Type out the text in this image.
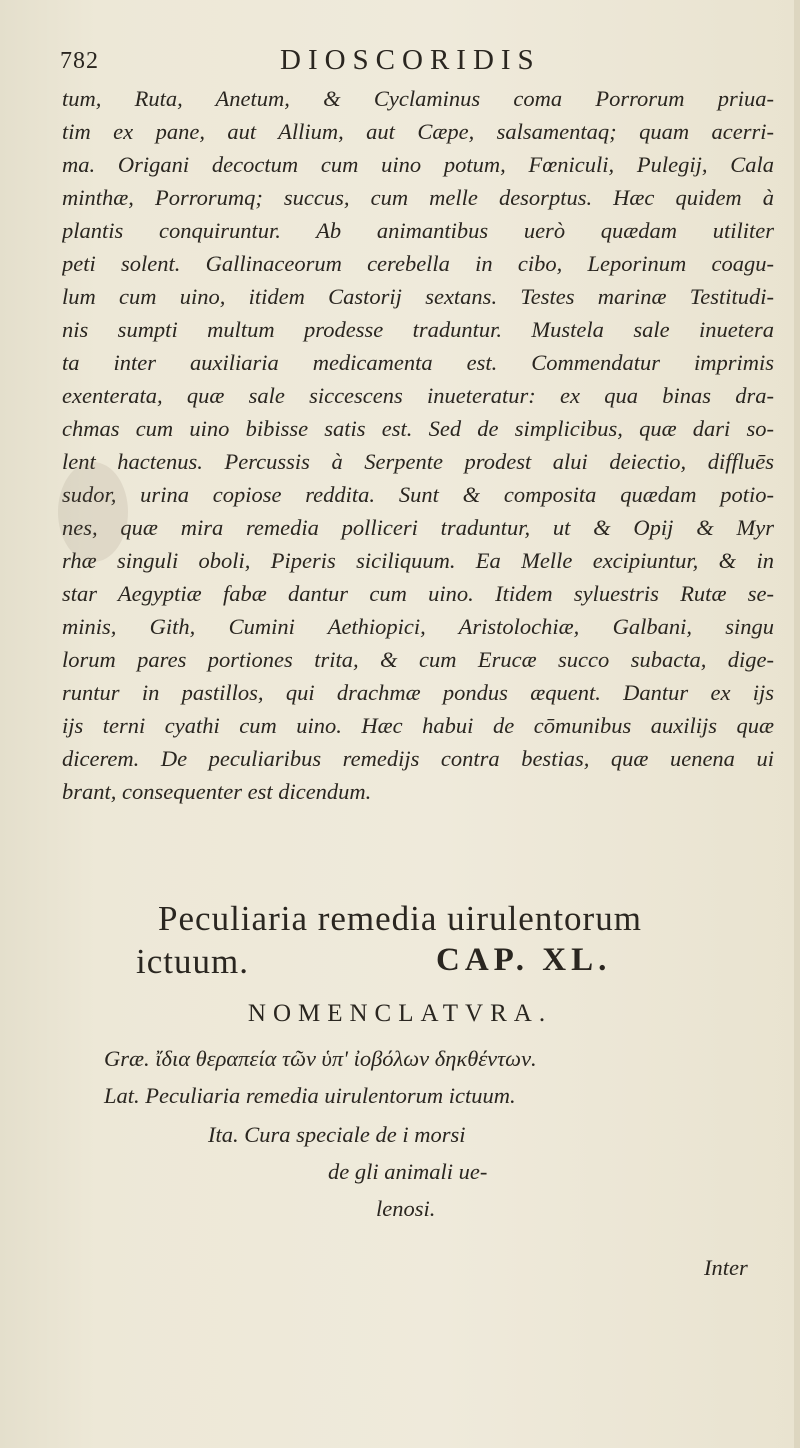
782	DIOSCORIDIS
tum, Ruta, Anetum, & Cyclaminus coma Porrorum priua-
tim ex pane, aut Allium, aut Cæpe, salsamentaq; quam acerri-
ma. Origani decoctum cum uino potum, Fœniculi, Pulegij, Cala
minthæ, Porrorumq; succus, cum melle desorptus. Hæc quidem à
plantis conquiruntur. Ab animantibus uerò quædam utiliter
peti solent. Gallinaceorum cerebella in cibo, Leporinum coagu-
lum cum uino, itidem Castorij sextans. Testes marinæ Testitudi-
nis sumpti multum prodesse traduntur. Mustela sale inuetera
ta inter auxiliaria medicamenta est. Commendatur imprimis
exenterata, quæ sale siccescens inueteratur: ex qua binas dra-
chmas cum uino bibisse satis est. Sed de simplicibus, quæ dari so-
lent hactenus. Percussis à Serpente prodest alui deiectio, diffluēs
sudor, urina copiose reddita. Sunt & composita quædam potio-
nes, quæ mira remedia polliceri traduntur, ut & Opij & Myr
rhæ singuli oboli, Piperis siciliquum. Ea Melle excipiuntur, & in
star Aegyptiæ fabæ dantur cum uino. Itidem syluestris Rutæ se-
minis, Gith, Cumini Aethiopici, Aristolochiæ, Galbani, singu
lorum pares portiones trita, & cum Erucæ succo subacta, dige-
runtur in pastillos, qui drachmæ pondus æquent. Dantur ex ijs
ijs terni cyathi cum uino. Hæc habui de cōmunibus auxilijs quæ
dicerem. De peculiaribus remedijs contra bestias, quæ uenena ui
brant, consequenter est dicendum.
Peculiaria remedia uirulentorum
ictuum.	CAP. XL.
NOMENCLATVRA.
Græ. ἴδια θεραπεία τῶν ὑπ' ἰοβόλων δηκθέντων.
Lat. Peculiaria remedia uirulentorum ictuum.
Ita. Cura speciale de i morsi
de gli animali ue-
lenosi.
Inter
